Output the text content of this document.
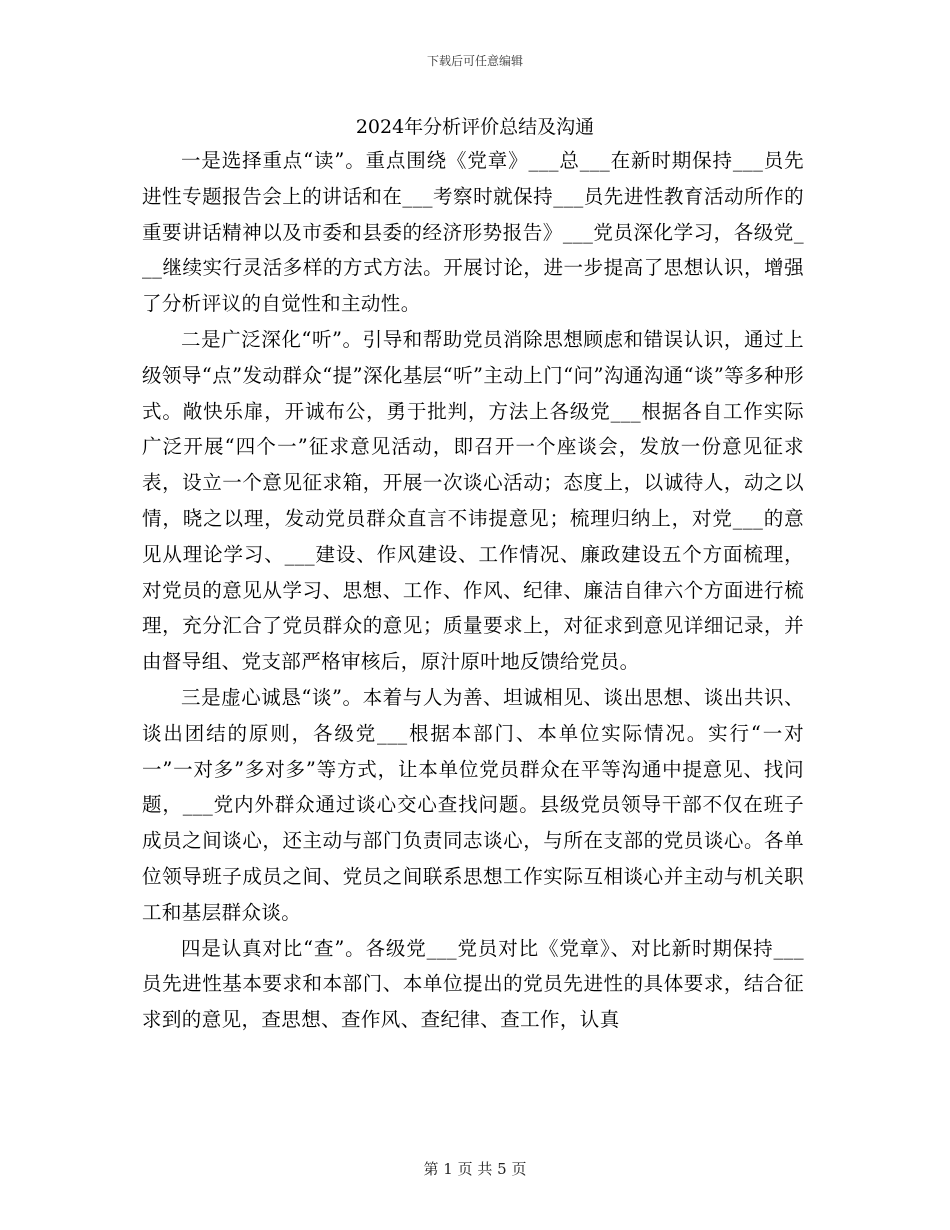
下载后可任意编辑
2024年分析评价总结及沟通

一是选择重点“读”。重点围绕《党章》___总___在新时期保持___员先进性专题报告会上的讲话和在___考察时就保持___员先进性教育活动所作的重要讲话精神以及市委和县委的经济形势报告》___党员深化学习，各级党___继续实行灵活多样的方式方法。开展讨论，进一步提高了思想认识，增强了分析评议的自觉性和主动性。

二是广泛深化“听”。引导和帮助党员消除思想顾虑和错误认识，通过上级领导“点”发动群众“提”深化基层“听”主动上门“问”沟通沟通“谈”等多种形式。敞快乐扉，开诚布公，勇于批判，方法上各级党___根据各自工作实际广泛开展“四个一”征求意见活动，即召开一个座谈会，发放一份意见征求表，设立一个意见征求箱，开展一次谈心活动；态度上，以诚待人，动之以情，晓之以理，发动党员群众直言不讳提意见；梳理归纳上，对党___的意见从理论学习、___建设、作风建设、工作情况、廉政建设五个方面梳理，对党员的意见从学习、思想、工作、作风、纪律、廉洁自律六个方面进行梳理，充分汇合了党员群众的意见；质量要求上，对征求到意见详细记录，并由督导组、党支部严格审核后，原汁原叶地反馈给党员。

三是虚心诚恳“谈”。本着与人为善、坦诚相见、谈出思想、谈出共识、谈出团结的原则，各级党___根据本部门、本单位实际情况。实行“一对一”一对多”多对多”等方式，让本单位党员群众在平等沟通中提意见、找问题，___党内外群众通过谈心交心查找问题。县级党员领导干部不仅在班子成员之间谈心，还主动与部门负责同志谈心，与所在支部的党员谈心。各单位领导班子成员之间、党员之间联系思想工作实际互相谈心并主动与机关职工和基层群众谈。

四是认真对比“查”。各级党___党员对比《党章》、对比新时期保持___员先进性基本要求和本部门、本单位提出的党员先进性的具体要求，结合征求到的意见，查思想、查作风、查纪律、查工作，认真

第 1 页 共 5 页
